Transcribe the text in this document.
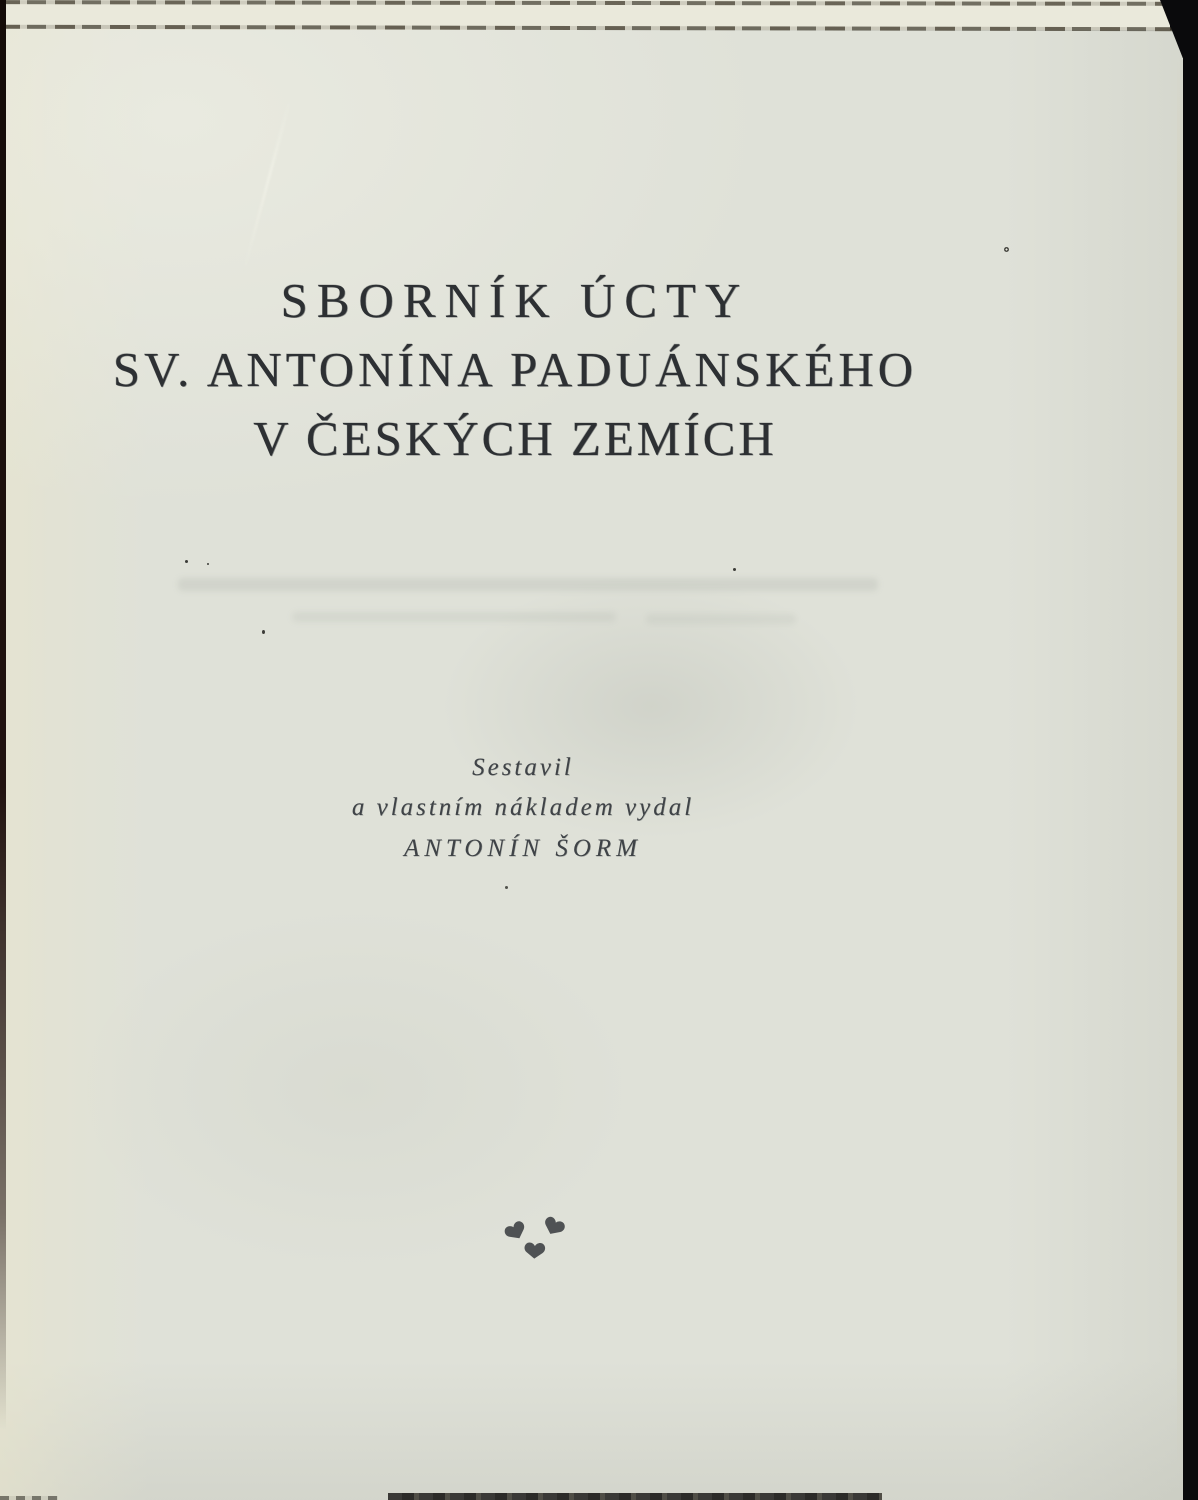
SBORNÍK ÚCTY
SV. ANTONÍNA PADUÁNSKÉHO
V ČESKÝCH ZEMÍCH
Sestavil
a vlastním nákladem vydal
ANTONÍN ŠORM
